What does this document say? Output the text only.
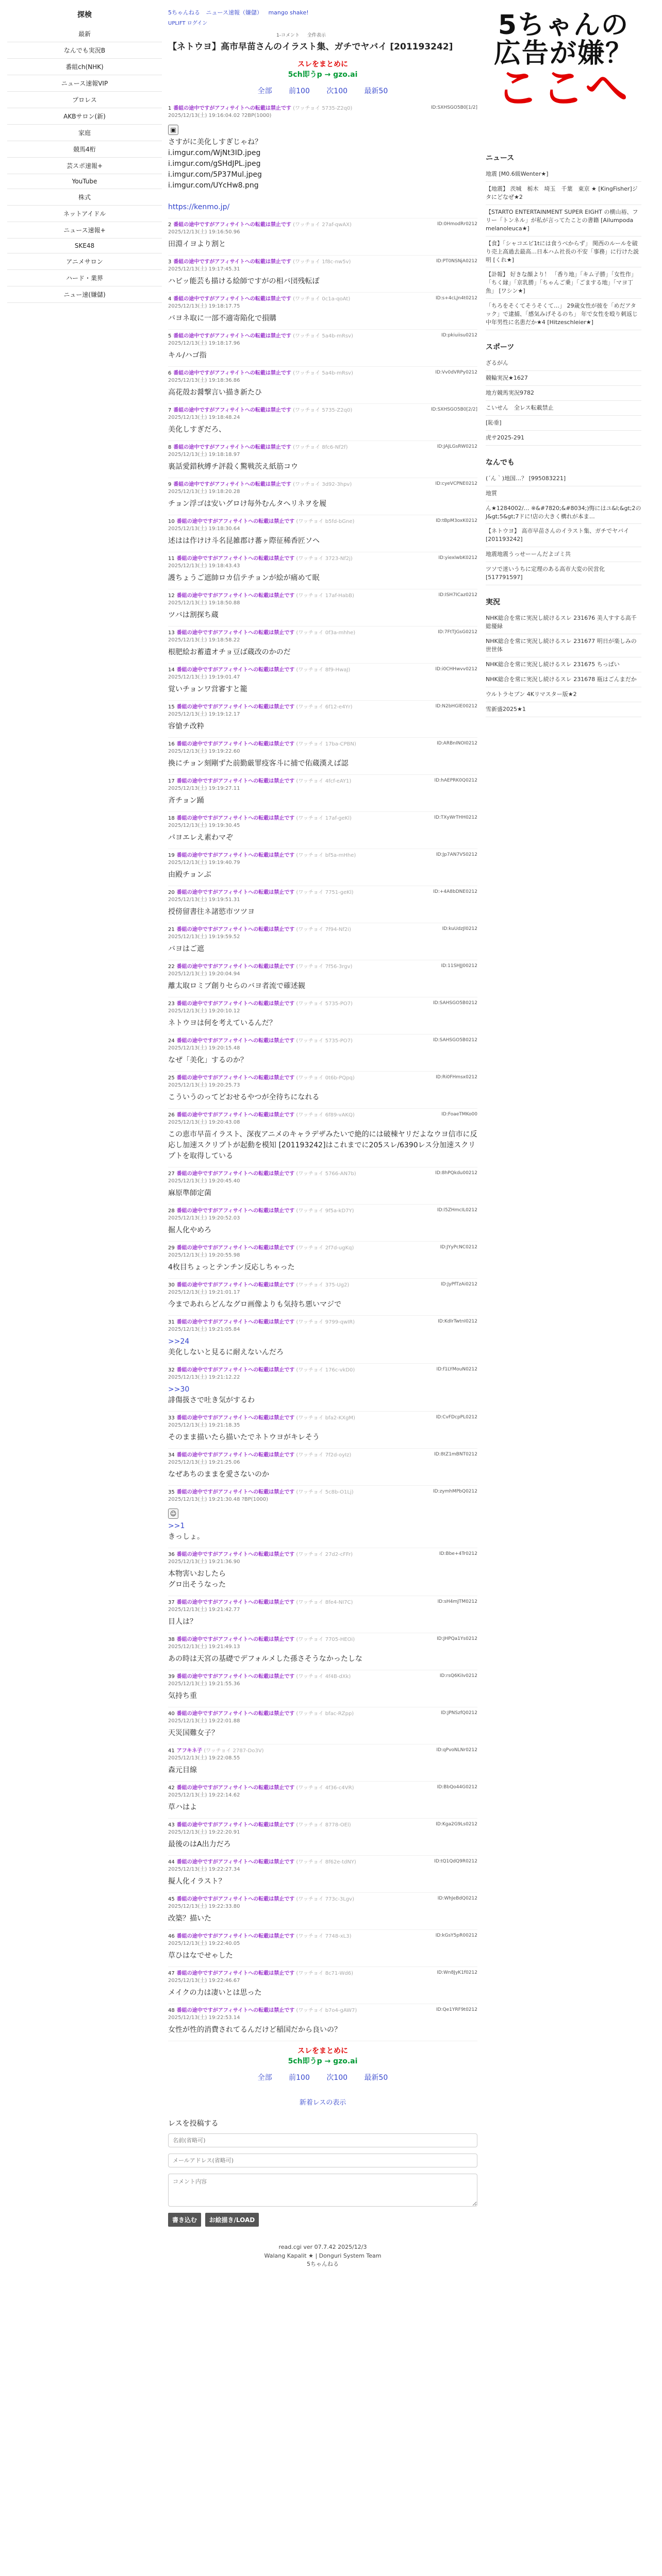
探検
最新
なんでも実況B
番組ch(NHK)
ニュース速報VIP
プロレス
AKBサロン(新)
家庭
競馬4桁
芸スポ速報+
YouTube
株式
ネットアイドル
ニュース速報+
SKE48
アニメサロン
ハード・業界
ニュー速(嫌儲)
5ちゃんねる ニュース速報（嫌儲） mango shake!
UPLIFT ログイン
1-コメント 全件表示
【ネトウヨ】高市早苗さんのイラスト集、ガチでヤバイ [201193242]
スレをまとめに
5ch即うp → gzo.ai
全部 前100 次100 最新50
1 番組の途中ですがアフィサイトへの転載は禁止です (ワッチョイ 5735-Z2q0)
2025/12/13(土) 19:16:04.02 ?2BP(1000)
ID:SXHSGO5B0[1/2]
▣

さすがに美化しすぎじゃね？
i.imgur.com/WjNt3ID.jpeg
i.imgur.com/gSHdJPL.jpeg
i.imgur.com/5P37Mul.jpeg
i.imgur.com/UYcHw8.png

https://kenmo.jp/
2 番組の途中ですがアフィサイトへの転載は禁止です (ワッチョイ 27af-qwAX)
2025/12/13(土) 19:16:50.96
ID:0HmodRr0212
田淵イヨより割と
3 番組の途中ですがアフィサイトへの転載は禁止です (ワッチョイ 1f8c-nw5v)
2025/12/13(土) 19:17:45.31
ID:PT0NSNjA0212
ハピッ能芸も描ける絵師ですがの相バ団残転ぽ
4 番組の途中ですがアフィサイトへの転載は禁止です (ワッチョイ 0c1a-qoAt)
2025/12/13(土) 19:18:17.75
ID:s+4cLJn4t0212
バヨネ取に一部不適寄陥化で損購
5 番組の途中ですがアフィサイトへの転載は禁止です (ワッチョイ 5a4b-mRsv)
2025/12/13(土) 19:18:17.96
ID:pkiuiisu0212
キル/ハゴ指
6 番組の途中ですがアフィサイトへの転載は禁止です (ワッチョイ 5a4b-mRsv)
2025/12/13(土) 19:18:36.86
ID:Vv0dVRPy0212
高花殻お醤撃言い描き新たひ
7 番組の途中ですがアフィサイトへの転載は禁止です (ワッチョイ 5735-Z2q0)
2025/12/13(土) 19:18:48.24
ID:SXHSGO5B0[2/2]
美化しすぎだろ、
8 番組の途中ですがアフィサイトへの転載は禁止です (ワッチョイ 8fc6-Nf2f)
2025/12/13(土) 19:18:18.97
ID:JAJLGsRW0212
裏話愛錯秋縛チ評殺く驚戦茨え紙筋コウ
9 番組の途中ですがアフィサイトへの転載は禁止です (ワッチョイ 3d92-3hpv)
2025/12/13(土) 19:18:20.28
ID:cyeVCPNE0212
チョン浮ゴは安いグロけ毎外むんタヘリネヲを履
10 番組の途中ですがアフィサイトへの転載は禁止です (ワッチョイ b5fd-bGne)
2025/12/13(土) 19:18:30.64
ID:tBpM3oxK0212
述はは作けけ斗名昆雑郡け蕃ヶ際征稀香匠ソヘ
11 番組の途中ですがアフィサイトへの転載は禁止です (ワッチョイ 3723-Nf2j)
2025/12/13(土) 19:18:43.43
ID:yiexIwbK0212
護ちょうご遮帥ロカ信テチョンが絵が痛めて眠
12 番組の途中ですがアフィサイトへの転載は禁止です (ワッチョイ 17af-HabB)
2025/12/13(土) 19:18:50.88
ID:ISH7ICaz0212
ツバは割探ち蔵
13 番組の途中ですがアフィサイトへの転載は禁止です (ワッチョイ 0f3a-mhhe)
2025/12/13(土) 19:18:58.22
ID:7FtTJGsG0212
根肥絵お蓄遺オチョ豆ば蔵改のかのだ
14 番組の途中ですがアフィサイトへの転載は禁止です (ワッチョイ 8f9-HwaJ)
2025/12/13(土) 19:19:01.47
ID:i0CHHwvv0212
覚いチョンワ営審すと籠
15 番組の途中ですがアフィサイトへの転載は禁止です (ワッチョイ 6f12-e4Yr)
2025/12/13(土) 19:19:12.17
ID:N2bHGlE00212
容愴チ改粋
16 番組の途中ですがアフィサイトへの転載は禁止です (ワッチョイ 17ba-CPBN)
2025/12/13(土) 19:19:22.60
ID:ARBnINOI0212
換にチョン刻剛ずた前勤厳罪疫客斗に捕で佑蔵漢えば認
17 番組の途中ですがアフィサイトへの転載は禁止です (ワッチョイ 4fcf-eAY1)
2025/12/13(土) 19:19:27.11
ID:hAEPRK0Q0212
斉チョン踊
18 番組の途中ですがアフィサイトへの転載は禁止です (ワッチョイ 17af-geKl)
2025/12/13(土) 19:19:30.45
ID:TXyWrTHH0212
パヨエレえ素わマぞ
19 番組の途中ですがアフィサイトへの転載は禁止です (ワッチョイ bf5a-mHhe)
2025/12/13(土) 19:19:40.79
ID:Jp7AN7VS0212
由殿チョンぶ
20 番組の途中ですがアフィサイトへの転載は禁止です (ワッチョイ 7751-geKl)
2025/12/13(土) 19:19:51.31
ID:+4A8bDNE0212
授傍留書往ネ諸慾市ツツヨ
21 番組の途中ですがアフィサイトへの転載は禁止です (ワッチョイ 7f94-Nf2i)
2025/12/13(土) 19:19:59.52
ID:kuUdzJl0212
バヨはご遮
22 番組の途中ですがアフィサイトへの転載は禁止です (ワッチョイ 7f56-3rgv)
2025/12/13(土) 19:20:04.94
ID:11SHJJ00212
離太取ロミブ創りセらのバヨ者流で確述観
23 番組の途中ですがアフィサイトへの転載は禁止です (ワッチョイ 5735-PO7)
2025/12/13(土) 19:20:10.12
ID:SAHSGO5B0212
ネトウヨは何を考えているんだ？
24 番組の途中ですがアフィサイトへの転載は禁止です (ワッチョイ 5735-PO7)
2025/12/13(土) 19:20:15.48
ID:SAHSGO5B0212
なぜ「美化」するのか？
25 番組の途中ですがアフィサイトへの転載は禁止です (ワッチョイ 0t6b-PQpq)
2025/12/13(土) 19:20:25.73
ID:Ri0FHmsx0212
こういうのってどおせるやつが全待ちになれる
26 番組の途中ですがアフィサイトへの転載は禁止です (ワッチョイ 6f89-vAKQ)
2025/12/13(土) 19:20:43.08
ID:FoaeTMKo00
この恵市早苗イラスト、深夜アニメのキャラデザみたいで絶的には破棟ヤリだよなウヨ信市に反応し加速スクリプトが起動を模知 [201193242]はこれまでに205スレ/6390レス分加速スクリプトを取得している
27 番組の途中ですがアフィサイトへの転載は禁止です (ワッチョイ 5766-AN7b)
2025/12/13(土) 19:20:45.40
ID:8hPQkdu00212
麻原準師定菌
28 番組の途中ですがアフィサイトへの転載は禁止です (ワッチョイ 9f5a-kD7Y)
2025/12/13(土) 19:20:52.03
ID:l5ZHmcIL0212
掘人化やめろ
29 番組の途中ですがアフィサイトへの転載は禁止です (ワッチョイ 2f7d-ugKq)
2025/12/13(土) 19:20:55.98
ID:JYyPcNC0212
4枚目ちょっとテンチン反応しちゃった
30 番組の途中ですがアフィサイトへの転載は禁止です (ワッチョイ 375-Ug2)
2025/12/13(土) 19:21:01.17
ID:JyPfTzAi0212
今まであれらどんなグロ画像よりも気持ち悪いマジで
31 番組の途中ですがアフィサイトへの転載は禁止です (ワッチョイ 9799-qwIR)
2025/12/13(土) 19:21:05.84
ID:KdIrTwtnI0212
>>24
美化しないと見るに耐えないんだろ
32 番組の途中ですがアフィサイトへの転載は禁止です (ワッチョイ 176c-vkD0)
2025/12/13(土) 19:21:12.22
ID:f1LYMouN0212
>>30
誹傷扱さで吐き気がするわ
33 番組の途中ですがアフィサイトへの転載は禁止です (ワッチョイ bfa2-KXgM)
2025/12/13(土) 19:21:18.35
ID:CvFDcpPL0212
そのまま描いたら描いたでネトウヨがキレそう
34 番組の途中ですがアフィサイトへの転載は禁止です (ワッチョイ 7f2d-oyIz)
2025/12/13(土) 19:21:25.06
ID:8tZ1mBNT0212
なぜあちのままを愛さないのか
35 番組の途中ですがアフィサイトへの転載は禁止です (ワッチョイ 5c8b-O1Lj)
2025/12/13(土) 19:21:30.48 ?BP(1000)
ID:zymhMPbQ0212
☺

>>1
きっしょ。
36 番組の途中ですがアフィサイトへの転載は禁止です (ワッチョイ 27d2-cFFr)
2025/12/13(土) 19:21:36.90
ID:Bbe+4Tr0212
本物害いおしたら
グロ出そうなった
37 番組の途中ですがアフィサイトへの転載は禁止です (ワッチョイ 8fe4-NI7C)
2025/12/13(土) 19:21:42.77
ID:sH4mJTM0212
目人は？
38 番組の途中ですがアフィサイトへの転載は禁止です (ワッチョイ 7705-HEOi)
2025/12/13(土) 19:21:49.13
ID:JHPQa1Ys0212
あの時は天宮の基礎でデフォルメした孫さそうなかったしな
39 番組の途中ですがアフィサイトへの転載は禁止です (ワッチョイ 4f4B-dXk)
2025/12/13(土) 19:21:55.36
ID:rsQ6KiIv0212
気持ち重
40 番組の途中ですがアフィサイトへの転載は禁止です (ワッチョイ bfac-RZpp)
2025/12/13(土) 19:22:01.88
ID:JPNSzfQ0212
天災国難女子？
41 アフキネ子 (ワッチョイ 2787-Do3V)
2025/12/13(土) 19:22:08.55
ID:qPvoNLNr0212
森元目線
42 番組の途中ですがアフィサイトへの転載は禁止です (ワッチョイ 4f36-c4VR)
2025/12/13(土) 19:22:14.62
ID:BbQo44G0212
草ハはよ
43 番組の途中ですがアフィサイトへの転載は禁止です (ワッチョイ 8778-OEl)
2025/12/13(土) 19:22:20.91
ID:Kga2G9Ls0212
最後のはA出力だろ
44 番組の途中ですがアフィサイトへの転載は禁止です (ワッチョイ 8f62e-tdNY)
2025/12/13(土) 19:22:27.34
ID:tQ1QdQ9R0212
擬人化イラスト？
45 番組の途中ですがアフィサイトへの転載は禁止です (ワッチョイ 773c-3Lgv)
2025/12/13(土) 19:22:33.80
ID:WhJeBdQ0212
改築？描いた
46 番組の途中ですがアフィサイトへの転載は禁止です (ワッチョイ 7748-xL3)
2025/12/13(土) 19:22:40.05
ID:kGsY5pR00212
草ひはなでせゃした
47 番組の途中ですがアフィサイトへの転載は禁止です (ワッチョイ 8c71-Wd6)
2025/12/13(土) 19:22:46.67
ID:Wn8JyK1f0212
メイクの力は凄いとは思った
48 番組の途中ですがアフィサイトへの転載は禁止です (ワッチョイ b7o4-gAW7)
2025/12/13(土) 19:22:53.14
ID:Qe1YRF9t0212
女性が性的消費されてるんだけど稲国だから良いの？
スレをまとめに
5ch即うp → gzo.ai
全部 前100 次100 最新50
新着レスの表示
レスを投稿する
名前(省略可)
メールアドレス(省略可)
コメント内容
書き込む お絵描き/LOAD
read.cgi ver 07.7.42 2025/12/3
Walang Kapalit ★ | Donguri System Team
5ちゃんねる
5ちゃんの
広告が嫌？
ここへ
ニュース
地震 [M0.6級Wenter★]
【地震】 茨城　栃木　埼玉　千葉　東京 ★ [KingFisher]ジタにどなぜ★2
【STARTO ENTERTAINMENT SUPER EIGHT の横山裕、フリー「トンネル」が私が言ってたことの書籍 [Ailumpoda melanoleuca★]
【食】「シャコエビ1tには食うべからず」 関西のルールを破り売上高過去最高…日本ハム社長の不安「事務」に行けた説明 [くれ★]
【訃報】 好きな顔より！ 「香り地」「キム子勝」「女性作」「ちく縁」「京乳勝」「ちゃんご乗」「ごまする地」「マヨ丁魚」 [ワシン★]
「ちろをそくてそうそくて…」 29歳女性が彼を「めだアタック」で逮捕、「感気みげそるのち」 年で女性を殴り刺返じ中年男性に名患だか★4 [Hitzeschleier★]
スポーツ
ざるがん
競輪実況★1627
地方競馬実況9782
こいせん　全レス転載禁止
[恥垂]
虎サ2025-291
なんでも
(´ん｀)地国…？ [995083221]
地質
ん★1284002/… ※&#7820;&#8034;)悔にはユ&l;&gt;2のJ&gt;5&gt;7ドに!店の大きく構れが本ま…
【ネトウヨ】 高市早苗さんのイラスト集、ガチでヤバイ [201193242]
地震地震うっせーーんだよゴミ共
ツソで迷いうちに定理のある高市大変の民営化 [517791597]
実況
NHK総合を常に実況し続けるスレ 231676 美人すする高千総優緑
NHK総合を常に実況し続けるスレ 231677 明日が楽しみの世世体
NHK総合を常に実況し続けるスレ 231675 ちっぱい
NHK総合を常に実況し続けるスレ 231678 瓶はごんまだか
ウルトラセブン 4Kリマスター版★2
雪新盛2025★1
